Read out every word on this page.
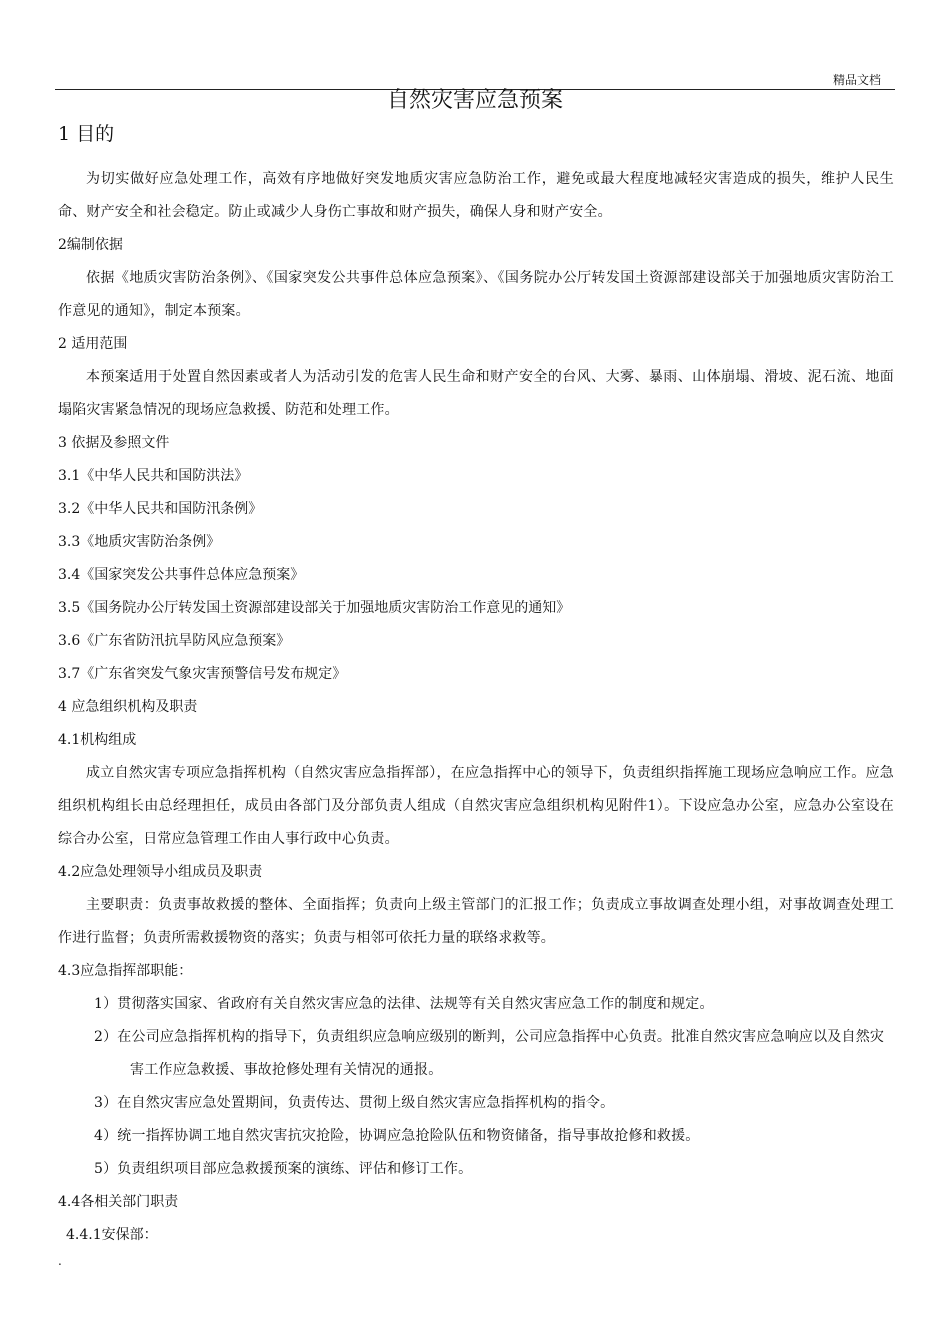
精品文档
自然灾害应急预案

1 目的

为切实做好应急处理工作，高效有序地做好突发地质灾害应急防治工作，避免或最大程度地减轻灾害造成的损失，维护人民生命、财产安全和社会稳定。防止或减少人身伤亡事故和财产损失，确保人身和财产安全。

2编制依据

依据《地质灾害防治条例》、《国家突发公共事件总体应急预案》、《国务院办公厅转发国土资源部建设部关于加强地质灾害防治工作意见的通知》，制定本预案。

2 适用范围

本预案适用于处置自然因素或者人为活动引发的危害人民生命和财产安全的台风、大雾、暴雨、山体崩塌、滑坡、泥石流、地面塌陷灾害紧急情况的现场应急救援、防范和处理工作。

3 依据及参照文件

3.1《中华人民共和国防洪法》

3.2《中华人民共和国防汛条例》

3.3《地质灾害防治条例》

3.4《国家突发公共事件总体应急预案》

3.5《国务院办公厅转发国土资源部建设部关于加强地质灾害防治工作意见的通知》

3.6《广东省防汛抗旱防风应急预案》

3.7《广东省突发气象灾害预警信号发布规定》

4 应急组织机构及职责

4.1机构组成

成立自然灾害专项应急指挥机构（自然灾害应急指挥部），在应急指挥中心的领导下，负责组织指挥施工现场应急响应工作。应急组织机构组长由总经理担任，成员由各部门及分部负责人组成（自然灾害应急组织机构见附件1）。下设应急办公室，应急办公室设在综合办公室，日常应急管理工作由人事行政中心负责。

4.2应急处理领导小组成员及职责

主要职责：负责事故救援的整体、全面指挥；负责向上级主管部门的汇报工作；负责成立事故调查处理小组，对事故调查处理工作进行监督；负责所需救援物资的落实；负责与相邻可依托力量的联络求救等。

4.3应急指挥部职能：

1）贯彻落实国家、省政府有关自然灾害应急的法律、法规等有关自然灾害应急工作的制度和规定。

2）在公司应急指挥机构的指导下，负责组织应急响应级别的断判，公司应急指挥中心负责。批准自然灾害应急响应以及自然灾害工作应急救援、事故抢修处理有关情况的通报。

3）在自然灾害应急处置期间，负责传达、贯彻上级自然灾害应急指挥机构的指令。

4）统一指挥协调工地自然灾害抗灾抢险，协调应急抢险队伍和物资储备，指导事故抢修和救援。

5）负责组织项目部应急救援预案的演练、评估和修订工作。

4.4各相关部门职责

4.4.1安保部：

.
